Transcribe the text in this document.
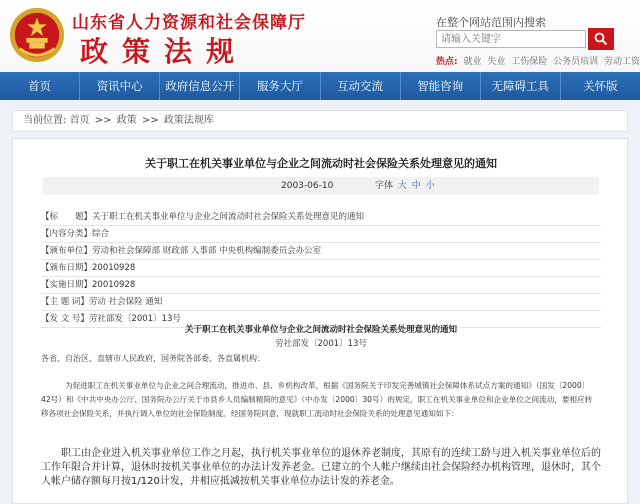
山东省人力资源和社会保障厅
政策法规
在整个网站范围内搜索
请输入关键字
热点: 就业 失业 工伤保险 公务员培训 劳动工资
首页	资讯中心	政府信息公开	服务大厅	互动交流	智能咨询	无障碍工具	关怀版
当前位置: 首页 >> 政策 >> 政策法规库
关于职工在机关事业单位与企业之间流动时社会保险关系处理意见的通知
2003-06-10	字体 大 中 小
【标　　题】关于职工在机关事业单位与企业之间流动时社会保险关系处理意见的通知
【内容分类】综合
【颁布单位】劳动和社会保障部 财政部 人事部 中央机构编制委员会办公室
【颁布日期】20010928
【实施日期】20010928
【主 题 词】劳动 社会保险 通知
【发 文 号】劳社部发〔2001〕13号
关于职工在机关事业单位与企业之间流动时社会保险关系处理意见的通知
劳社部发〔2001〕13号
各省、自治区、直辖市人民政府，国务院各部委、各直属机构：
为促进职工在机关事业单位与企业之间合理流动，推进市、县、乡机构改革，根据《国务院关于印发完善城镇社会保障体系试点方案的通知》（国发〔2000〕42号）和《中共中央办公厅、国务院办公厅关于市县乡人员编制精简的意见》（中办发〔2000〕30号）的规定，职工在机关事业单位和企业单位之间流动，要相应转移各项社会保险关系，并执行调入单位的社会保险制度。经国务院同意，现就职工流动时社会保险关系的处理意见通知如下：
职工由企业进入机关事业单位工作之月起，执行机关事业单位的退休养老制度，其原有的连续工龄与进入机关事业单位后的工作年限合并计算，退休时按机关事业单位的办法计发养老金。已建立的个人帐户继续由社会保险经办机构管理，退休时，其个人帐户储存额每月按1/120计发，并相应抵减按机关事业单位办法计发的养老金。
